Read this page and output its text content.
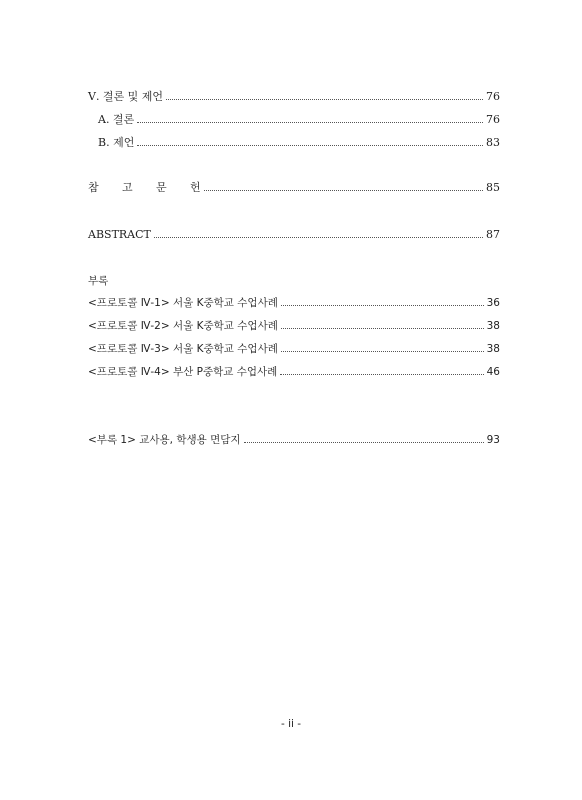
Ⅴ. 결론 및 제언	76
A. 결론	76
B. 제언	83
참 고 문 헌	85
ABSTRACT	87
부록
<프로토콜 Ⅳ-1> 서울 K중학교 수업사례	36
<프로토콜 Ⅳ-2> 서울 K중학교 수업사례	38
<프로토콜 Ⅳ-3> 서울 K중학교 수업사례	38
<프로토콜 Ⅳ-4> 부산 P중학교 수업사례	46
<부록 1> 교사용, 학생용 면담지	93
- ii -
